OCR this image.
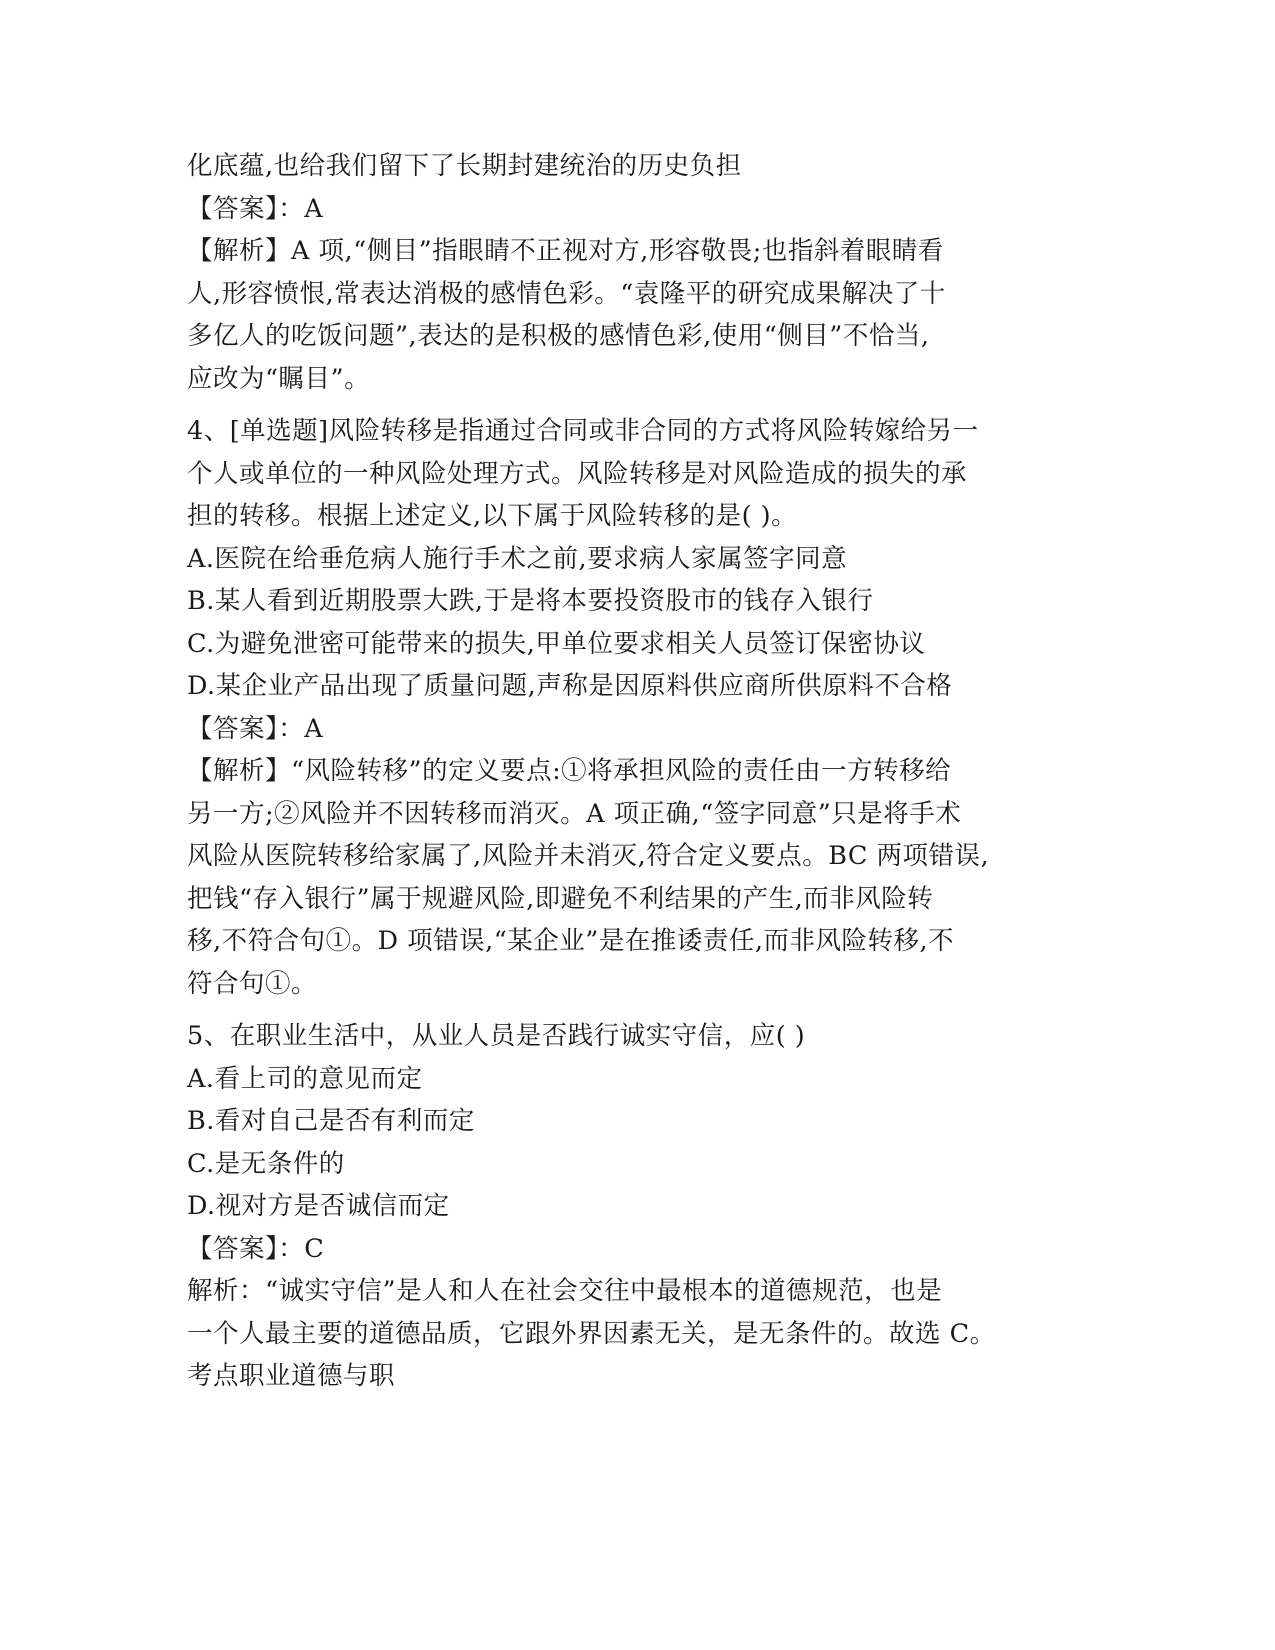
化底蕴,也给我们留下了长期封建统治的历史负担
【答案】：A
【解析】A 项,“侧目”指眼睛不正视对方,形容敬畏;也指斜着眼睛看
人,形容愤恨,常表达消极的感情色彩。“袁隆平的研究成果解决了十
多亿人的吃饭问题”,表达的是积极的感情色彩,使用“侧目”不恰当,
应改为“瞩目”。
4、[单选题]风险转移是指通过合同或非合同的方式将风险转嫁给另一
个人或单位的一种风险处理方式。风险转移是对风险造成的损失的承
担的转移。根据上述定义,以下属于风险转移的是( )。
A.医院在给垂危病人施行手术之前,要求病人家属签字同意
B.某人看到近期股票大跌,于是将本要投资股市的钱存入银行
C.为避免泄密可能带来的损失,甲单位要求相关人员签订保密协议
D.某企业产品出现了质量问题,声称是因原料供应商所供原料不合格
【答案】：A
【解析】“风险转移”的定义要点:①将承担风险的责任由一方转移给
另一方;②风险并不因转移而消灭。A 项正确,“签字同意”只是将手术
风险从医院转移给家属了,风险并未消灭,符合定义要点。BC 两项错误,
把钱“存入银行”属于规避风险,即避免不利结果的产生,而非风险转
移,不符合句①。D 项错误,“某企业”是在推诿责任,而非风险转移,不
符合句①。
5、在职业生活中，从业人员是否践行诚实守信，应( )
A.看上司的意见而定
B.看对自己是否有利而定
C.是无条件的
D.视对方是否诚信而定
【答案】：C
解析：“诚实守信”是人和人在社会交往中最根本的道德规范，也是
一个人最主要的道德品质，它跟外界因素无关，是无条件的。故选 C。
考点职业道德与职
